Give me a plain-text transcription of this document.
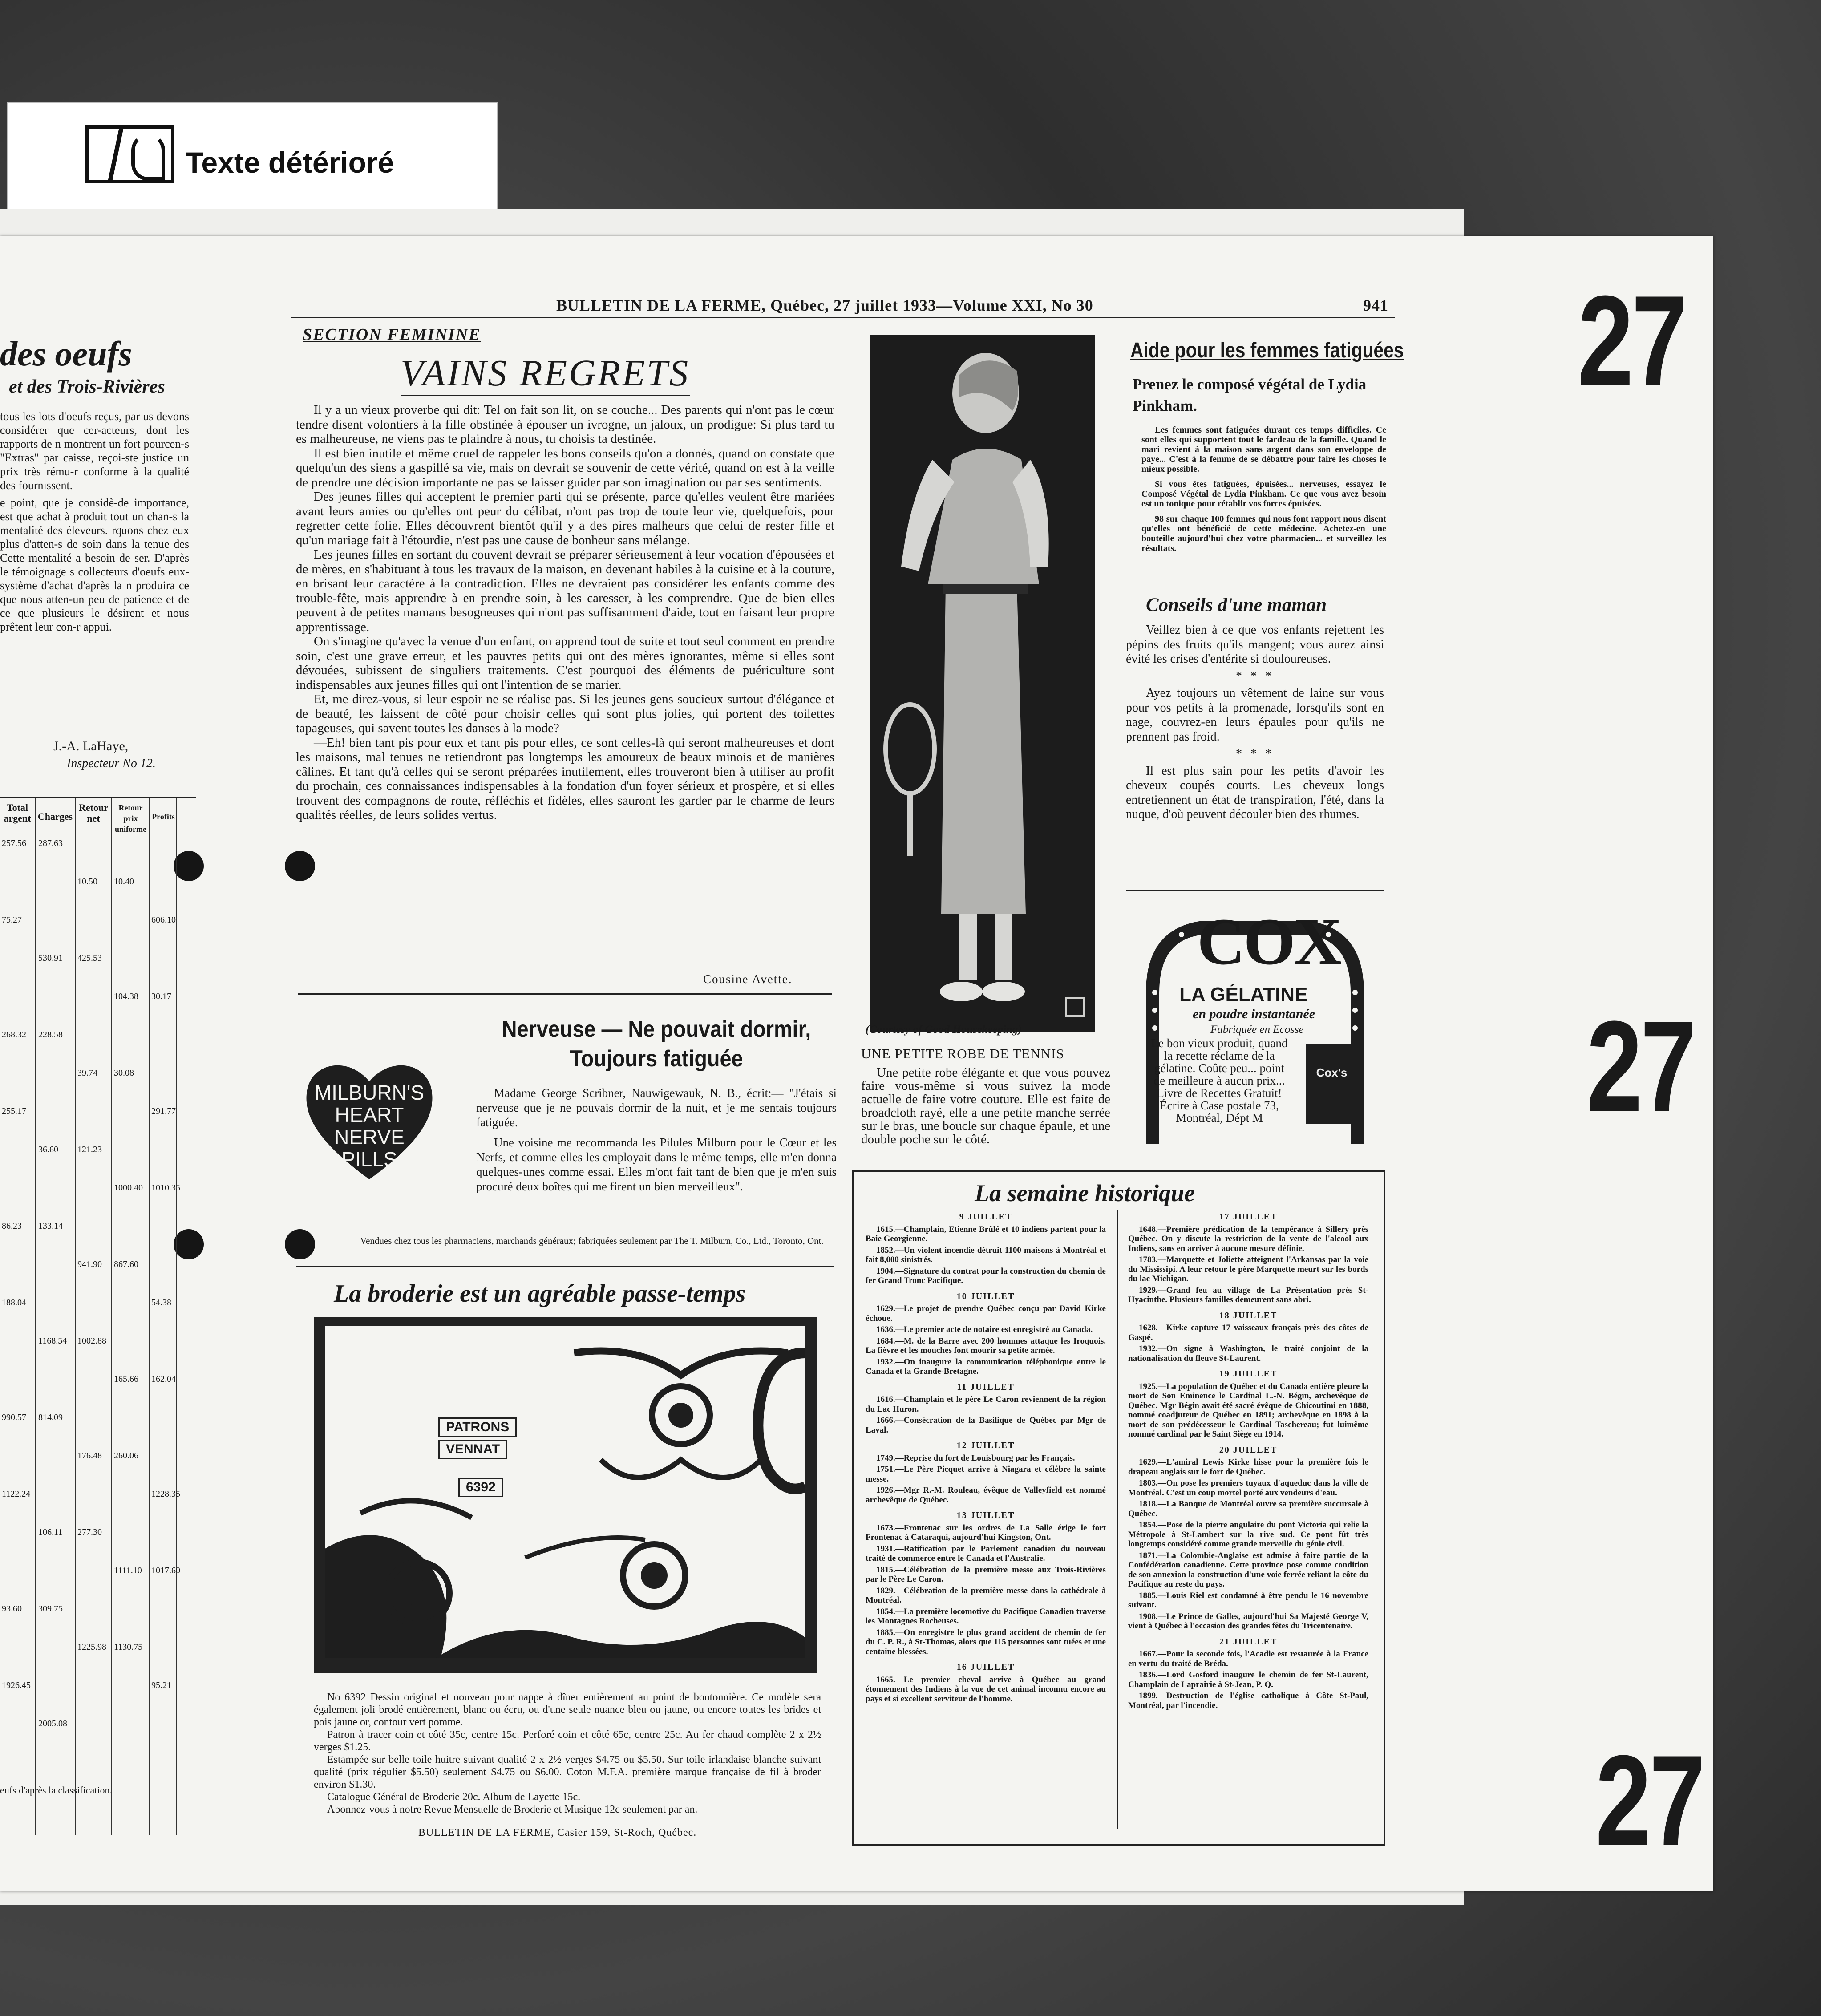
Texte détérioré
27
27
27
BULLETIN DE LA FERME, Québec, 27 juillet 1933—Volume XXI, No 30	941
des oeufs
et des Trois-Rivières

tous les lots d'oeufs reçus, par us devons considérer que cer-acteurs, dont les rapports de n montrent un fort pourcen-s "Extras" par caisse, reçoi-ste justice un prix très rému-r conforme à la qualité des fournissent.

e point, que je considè-de importance, est que achat à produit tout un chan-s la mentalité des éleveurs. rquons chez eux plus d'atten-s de soin dans la tenue des Cette mentalité a besoin de ser. D'après le témoignage s collecteurs d'oeufs eux-système d'achat d'après la n produira ce que nous atten-un peu de patience et de ce que plusieurs le désirent et nous prêtent leur con-r appui.

J.-A. LaHaye,
Inspecteur No 12.
Total argent Charges
Retour net
Retour prix uniforme
Profits
257.56 287.63
10.50 10.40
606.10
75.27
530.91 425.53
104.38 30.17
268.32 228.58
39.74 30.08
291.77
255.17
36.60 121.23
1000.40 1010.35
86.23 133.14
941.90 867.60
54.38
188.04
1168.54 1002.88
165.66 162.04
990.57 814.09
176.48 260.06
1228.35
1122.24
106.11 277.30
1111.10 1017.60
93.60 309.75
1225.98 1130.75
95.21
1926.45
2005.08
eufs d'après la classification.
SECTION FEMININE
VAINS REGRETS

Il y a un vieux proverbe qui dit: Tel on fait son lit, on se couche... Des parents qui n'ont pas le cœur tendre disent volontiers à la fille obstinée à épouser un ivrogne, un jaloux, un prodigue: Si plus tard tu es malheureuse, ne viens pas te plaindre à nous, tu choisis ta destinée.

Il est bien inutile et même cruel de rappeler les bons conseils qu'on a donnés, quand on constate que quelqu'un des siens a gaspillé sa vie, mais on devrait se souvenir de cette vérité, quand on est à la veille de prendre une décision importante ne pas se laisser guider par son imagination ou par ses sentiments.

Des jeunes filles qui acceptent le premier parti qui se présente, parce qu'elles veulent être mariées avant leurs amies ou qu'elles ont peur du célibat, n'ont pas trop de toute leur vie, quelquefois, pour regretter cette folie. Elles découvrent bientôt qu'il y a des pires malheurs que celui de rester fille et qu'un mariage fait à l'étourdie, n'est pas une cause de bonheur sans mélange.

Les jeunes filles en sortant du couvent devrait se préparer sérieusement à leur vocation d'épousées et de mères, en s'habituant à tous les travaux de la maison, en devenant habiles à la cuisine et à la couture, en brisant leur caractère à la contradiction. Elles ne devraient pas considérer les enfants comme des trouble-fête, mais apprendre à en prendre soin, à les caresser, à les comprendre. Que de bien elles peuvent à de petites mamans besogneuses qui n'ont pas suffisamment d'aide, tout en faisant leur propre apprentissage.

On s'imagine qu'avec la venue d'un enfant, on apprend tout de suite et tout seul comment en prendre soin, c'est une grave erreur, et les pauvres petits qui ont des mères ignorantes, même si elles sont dévouées, subissent de singuliers traitements. C'est pourquoi des éléments de puériculture sont indispensables aux jeunes filles qui ont l'intention de se marier.

Et, me direz-vous, si leur espoir ne se réalise pas. Si les jeunes gens soucieux surtout d'élégance et de beauté, les laissent de côté pour choisir celles qui sont plus jolies, qui portent des toilettes tapageuses, qui savent toutes les danses à la mode?

—Eh! bien tant pis pour eux et tant pis pour elles, ce sont celles-là qui seront malheureuses et dont les maisons, mal tenues ne retiendront pas longtemps les amoureux de beaux minois et de manières câlines. Et tant qu'à celles qui se seront préparées inutilement, elles trouveront bien à utiliser au profit du prochain, ces connaissances indispensables à la fondation d'un foyer sérieux et prospère, et si elles trouvent des compagnons de route, réfléchis et fidèles, elles sauront les garder par le charme de leurs qualités réelles, de leurs solides vertus.

Cousine Avette.
Nerveuse — Ne pouvait dormir, Toujours fatiguée
MILBURN'S HEART NERVE PILLS

Madame George Scribner, Nauwigewauk, N. B., écrit:— "J'étais si nerveuse que je ne pouvais dormir de la nuit, et je me sentais toujours fatiguée.

Une voisine me recommanda les Pilules Milburn pour le Cœur et les Nerfs, et comme elles les employait dans le même temps, elle m'en donna quelques-unes comme essai. Elles m'ont fait tant de bien que je m'en suis procuré deux boîtes qui me firent un bien merveilleux".

Vendues chez tous les pharmaciens, marchands généraux; fabriquées seulement par The T. Milburn, Co., Ltd., Toronto, Ont.
La broderie est un agréable passe-temps
PATRONS
VENNAT
6392

No 6392 Dessin original et nouveau pour nappe à dîner entièrement au point de boutonnière. Ce modèle sera également joli brodé entièrement, blanc ou écru, ou d'une seule nuance bleu ou jaune, ou encore toutes les brides et pois jaune or, contour vert pomme.

Patron à tracer coin et côté 35c, centre 15c. Perforé coin et côté 65c, centre 25c. Au fer chaud complète 2 x 2½ verges $1.25.

Estampée sur belle toile huitre suivant qualité 2 x 2½ verges $4.75 ou $5.50. Sur toile irlandaise blanche suivant qualité (prix régulier $5.50) seulement $4.75 ou $6.00. Coton M.F.A. première marque française de fil à broder environ $1.30.

Catalogue Général de Broderie 20c. Album de Layette 15c.

Abonnez-vous à notre Revue Mensuelle de Broderie et Musique 12c seulement par an.

BULLETIN DE LA FERME, Casier 159, St-Roch, Québec.
(Courtesy of Good Housekeeping)
UNE PETITE ROBE DE TENNIS

Une petite robe élégante et que vous pouvez faire vous-même si vous suivez la mode actuelle de faire votre couture. Elle est faite de broadcloth rayé, elle a une petite manche serrée sur le bras, une boucle sur chaque épaule, et une double poche sur le côté.

Aide pour les femmes fatiguées
Prenez le composé végétal de Lydia Pinkham.

Les femmes sont fatiguées durant ces temps difficiles. Ce sont elles qui supportent tout le fardeau de la famille. Quand le mari revient à la maison sans argent dans son enveloppe de paye... C'est à la femme de se débattre pour faire les choses le mieux possible.

Si vous êtes fatiguées, épuisées... nerveuses, essayez le Composé Végétal de Lydia Pinkham. Ce que vous avez besoin est un tonique pour rétablir vos forces épuisées.

98 sur chaque 100 femmes qui nous font rapport nous disent qu'elles ont bénéficié de cette médecine. Achetez-en une bouteille aujourd'hui chez votre pharmacien... et surveillez les résultats.

Conseils d'une maman

Veillez bien à ce que vos enfants rejettent les pépins des fruits qu'ils mangent; vous aurez ainsi évité les crises d'entérite si douloureuses.

* * *

Ayez toujours un vêtement de laine sur vous pour vos petits à la promenade, lorsqu'ils sont en nage, couvrez-en leurs épaules pour qu'ils ne prennent pas froid.

* * *

Il est plus sain pour les petits d'avoir les cheveux coupés courts. Les cheveux longs entretiennent un état de transpiration, l'été, dans la nuque, d'où peuvent découler bien des rhumes.

COX
LA GÉLATINE
en poudre instantanée
Fabriquée en Ecosse
Le bon vieux produit, quand la recette réclame de la gélatine. Coûte peu... point de meilleure à aucun prix... Livre de Recettes Gratuit! Écrire à Case postale 73, Montréal, Dépt M
Cox's
La semaine historique
9 JUILLET

1615.—Champlain, Etienne Brûlé et 10 indiens partent pour la Baie Georgienne.

1852.—Un violent incendie détruit 1100 maisons à Montréal et fait 8,000 sinistrés.

1904.—Signature du contrat pour la construction du chemin de fer Grand Tronc Pacifique.

10 JUILLET

1629.—Le projet de prendre Québec conçu par David Kirke échoue.

1636.—Le premier acte de notaire est enregistré au Canada.

1684.—M. de la Barre avec 200 hommes attaque les Iroquois. La fièvre et les mouches font mourir sa petite armée.

1932.—On inaugure la communication téléphonique entre le Canada et la Grande-Bretagne.

11 JUILLET

1616.—Champlain et le père Le Caron reviennent de la région du Lac Huron.

1666.—Consécration de la Basilique de Québec par Mgr de Laval.

12 JUILLET

1749.—Reprise du fort de Louisbourg par les Français.

1751.—Le Père Picquet arrive à Niagara et célèbre la sainte messe.

1926.—Mgr R.-M. Rouleau, évêque de Valleyfield est nommé archevêque de Québec.

13 JUILLET

1673.—Frontenac sur les ordres de La Salle érige le fort Frontenac à Cataraqui, aujourd'hui Kingston, Ont.

1931.—Ratification par le Parlement canadien du nouveau traité de commerce entre le Canada et l'Australie.

1815.—Célébration de la première messe aux Trois-Rivières par le Père Le Caron.

1829.—Célébration de la première messe dans la cathédrale à Montréal.

1854.—La première locomotive du Pacifique Canadien traverse les Montagnes Rocheuses.

1885.—On enregistre le plus grand accident de chemin de fer du C. P. R., à St-Thomas, alors que 115 personnes sont tuées et une centaine blessées.

16 JUILLET

1665.—Le premier cheval arrive à Québec au grand étonnement des Indiens à la vue de cet animal inconnu encore au pays et si excellent serviteur de l'homme.

17 JUILLET

1648.—Première prédication de la tempérance à Sillery près Québec. On y discute la restriction de la vente de l'alcool aux Indiens, sans en arriver à aucune mesure définie.

1783.—Marquette et Joliette atteignent l'Arkansas par la voie du Mississipi. A leur retour le père Marquette meurt sur les bords du lac Michigan.

1929.—Grand feu au village de La Présentation près St-Hyacinthe. Plusieurs familles demeurent sans abri.

18 JUILLET

1628.—Kirke capture 17 vaisseaux français près des côtes de Gaspé.

1932.—On signe à Washington, le traité conjoint de la nationalisation du fleuve St-Laurent.

19 JUILLET

1925.—La population de Québec et du Canada entière pleure la mort de Son Eminence le Cardinal L.-N. Bégin, archevêque de Québec. Mgr Bégin avait été sacré évêque de Chicoutimi en 1888, nommé coadjuteur de Québec en 1891; archevêque en 1898 à la mort de son prédécesseur le Cardinal Taschereau; fut luimême nommé cardinal par le Saint Siège en 1914.

20 JUILLET

1629.—L'amiral Lewis Kirke hisse pour la première fois le drapeau anglais sur le fort de Québec.

1803.—On pose les premiers tuyaux d'aqueduc dans la ville de Montréal. C'est un coup mortel porté aux vendeurs d'eau.

1818.—La Banque de Montréal ouvre sa première succursale à Québec.

1854.—Pose de la pierre angulaire du pont Victoria qui relie la Métropole à St-Lambert sur la rive sud. Ce pont fût très longtemps considéré comme grande merveille du génie civil.

1871.—La Colombie-Anglaise est admise à faire partie de la Confédération canadienne. Cette province pose comme condition de son annexion la construction d'une voie ferrée reliant la côte du Pacifique au reste du pays.

1885.—Louis Riel est condamné à être pendu le 16 novembre suivant.

1908.—Le Prince de Galles, aujourd'hui Sa Majesté George V, vient à Québec à l'occasion des grandes fêtes du Tricentenaire.

21 JUILLET

1667.—Pour la seconde fois, l'Acadie est restaurée à la France en vertu du traité de Bréda.

1836.—Lord Gosford inaugure le chemin de fer St-Laurent, Champlain de Laprairie à St-Jean, P. Q.

1899.—Destruction de l'église catholique à Côte St-Paul, Montréal, par l'incendie.
